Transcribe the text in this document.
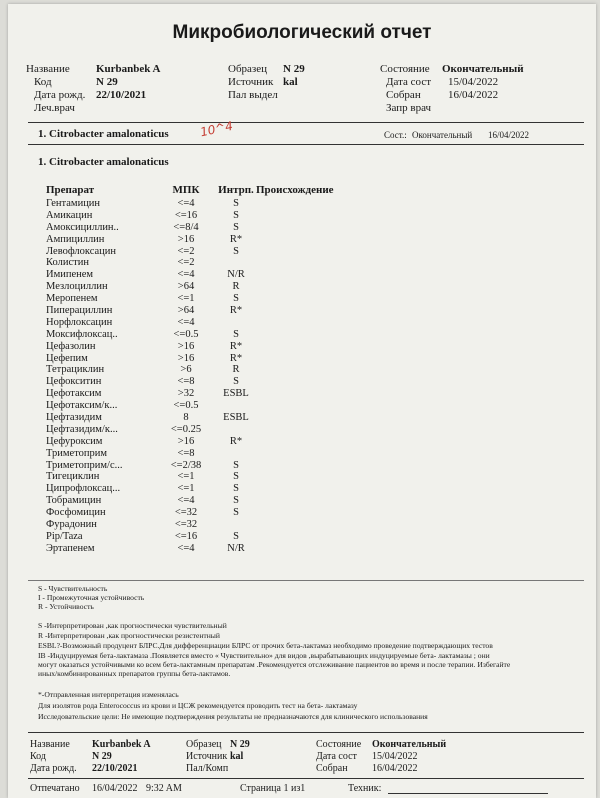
Микробиологический отчет
Название Kurbanbek A
Код	N 29
Дата рожд. 22/10/2021
Леч.врач
Образец N 29
Источник kal
Пал выдел
Состояние Окончательный
Дата сост 15/04/2022
Собран 16/04/2022
Запр врач
1. Citrobacter amalonaticus	10^4	Сост.: Окончательный 16/04/2022
1. Citrobacter amalonaticus
Препарат	МПК	Интрп. Происхождение
Гентамицин	<=4	S
Амикацин	<=16	S
Амоксициллин..	<=8/4	S
Ампициллин	>16	R*
Левофлоксацин	<=2	S
Колистин	<=2
Имипенем	<=4	N/R
Мезлоциллин	>64	R
Меропенем	<=1	S
Пиперациллин	>64	R*
Норфлоксацин	<=4
Моксифлоксац..	<=0.5	S
Цефазолин	>16	R*
Цефепим	>16	R*
Тетрациклин	>6	R
Цефокситин	<=8	S
Цефотаксим	>32	ESBL
Цефотаксим/к...	<=0.5
Цефтазидим	8	ESBL
Цефтазидим/к...	<=0.25
Цефуроксим	>16	R*
Триметоприм	<=8
Триметоприм/с...	<=2/38	S
Тигециклин	<=1	S
Ципрофлоксац...	<=1	S
Тобрамицин	<=4	S
Фосфомицин	<=32	S
Фурадонин	<=32
Pip/Taza	<=16	S
Эртапенем	<=4	N/R
S - Чувствительность
I - Промежуточная устойчивость
R - Устойчивость
S -Интерпретирован ,как прогностически чувствительный
R -Интерпретирован ,как прогностически резистентный
ESBL?-Возможный продуцент БЛРС.Для дифференциации БЛРС от прочих бета-лактамаз необходимо проведение подтверждающих тестов
IB -Индуцируемая бета-лактамаза .Появляется вместо « Чувствительно» для видов ,вырабатывающих индуцируемые бета- лактамазы ; они
могут оказаться устойчивыми ко всем бета-лактамным препаратам .Рекомендуется отслеживание пациентов во время и после терапии. Избегайте
иных/комбинированных препаратов группы бета-лактамов.
*-Отправленная интерпретация изменялась
Для изолятов рода Enterococcus из крови и ЦСЖ рекомендуется проводить тест на бета- лактамазу
Исследовательские цели: Не имеющие подтверждения результаты не предназначаются для клинического использования
Название Kurbanbek A
Код	N 29
Дата рожд. 22/10/2021
Образец N 29
Источник kal
Пал/Комп
Состояние Окончательный
Дата сост 15/04/2022
Собран 16/04/2022
Отпечатано 16/04/2022 9:32 AM	Страница 1 из1	Техник:
